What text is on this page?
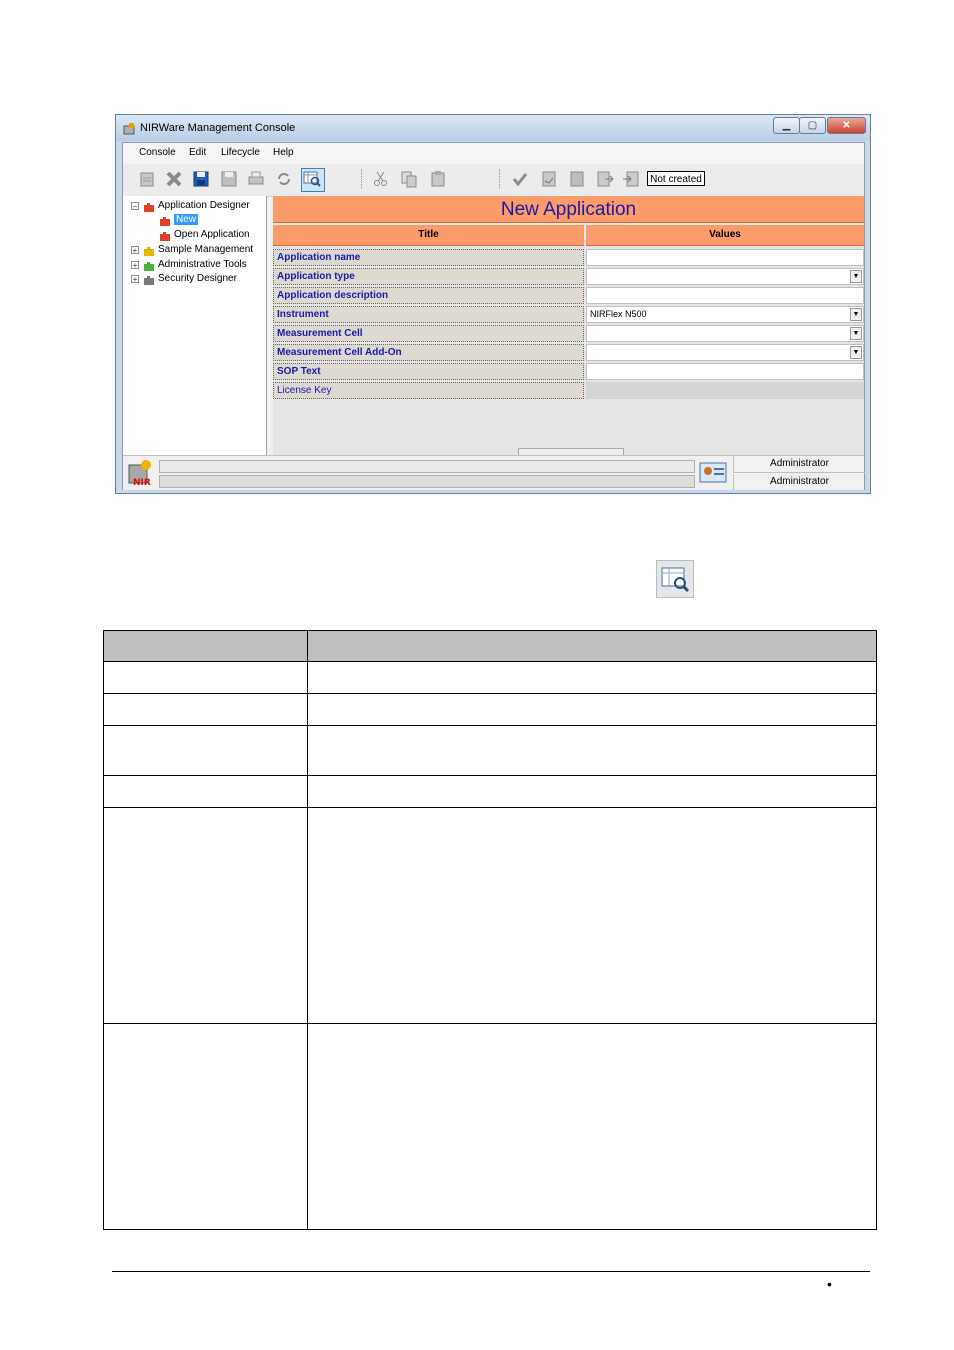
NIRWare Management Console	▁	▢	✕
Console Edit Lifecycle Help
Not created
− Application Designer
New
Open Application
+ Sample Management
+ Administrative Tools
+ Security Designer
New Application
Title	Values
Application name
Application type	▼
Application description
Instrument	NIRFlex N500	▼
Measurement Cell	▼
Measurement Cell Add-On	▼
SOP Text
License Key
NIR
Administrator
Administrator
•
